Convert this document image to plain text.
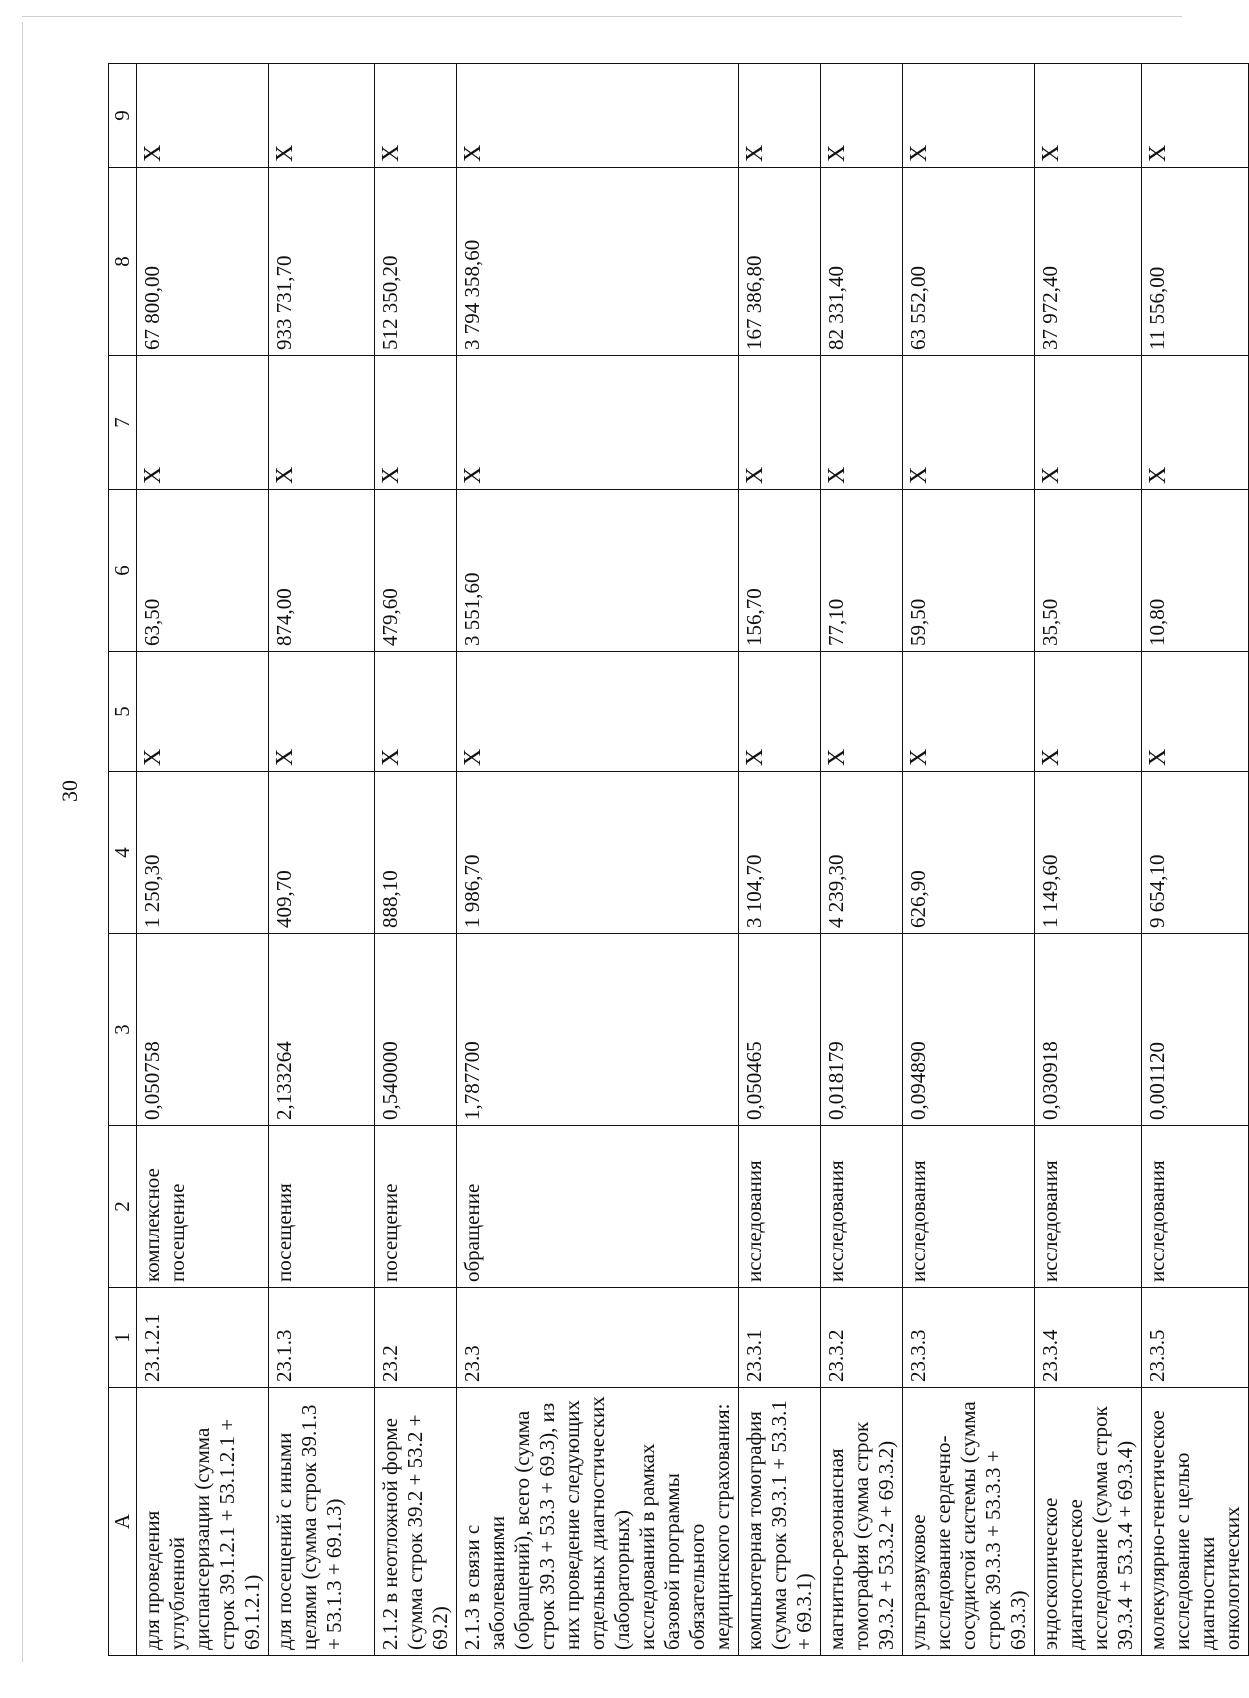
30
A	1	2	3	4	5	6	7	8	9
для проведения углубленной диспансеризации (сумма строк 39.1.2.1 + 53.1.2.1 + 69.1.2.1)	23.1.2.1	комплексное посещение	0,050758	1 250,30	X	63,50	X	67 800,00	X
для посещений с иными целями (сумма строк 39.1.3 + 53.1.3 + 69.1.3)	23.1.3	посещения	2,133264	409,70	X	874,00	X	933 731,70	X
2.1.2 в неотложной форме (сумма строк 39.2 + 53.2 + 69.2)	23.2	посещение	0,540000	888,10	X	479,60	X	512 350,20	X
2.1.3 в связи с заболеваниями (обращений), всего (сумма строк 39.3 + 53.3 + 69.3), из них проведение следующих отдельных диагностических (лабораторных) исследований в рамках базовой программы обязательного медицинского страхования:	23.3	обращение	1,787700	1 986,70	X	3 551,60	X	3 794 358,60	X
компьютерная томография (сумма строк 39.3.1 + 53.3.1 + 69.3.1)	23.3.1	исследования	0,050465	3 104,70	X	156,70	X	167 386,80	X
магнитно-резонансная томография (сумма строк 39.3.2 + 53.3.2 + 69.3.2)	23.3.2	исследования	0,018179	4 239,30	X	77,10	X	82 331,40	X
ультразвуковое исследование сердечно-сосудистой системы (сумма строк 39.3.3 + 53.3.3 + 69.3.3)	23.3.3	исследования	0,094890	626,90	X	59,50	X	63 552,00	X
эндоскопическое диагностическое исследование (сумма строк 39.3.4 + 53.3.4 + 69.3.4)	23.3.4	исследования	0,030918	1 149,60	X	35,50	X	37 972,40	X
молекулярно-генетическое исследование с целью диагностики онкологических	23.3.5	исследования	0,001120	9 654,10	X	10,80	X	11 556,00	X
